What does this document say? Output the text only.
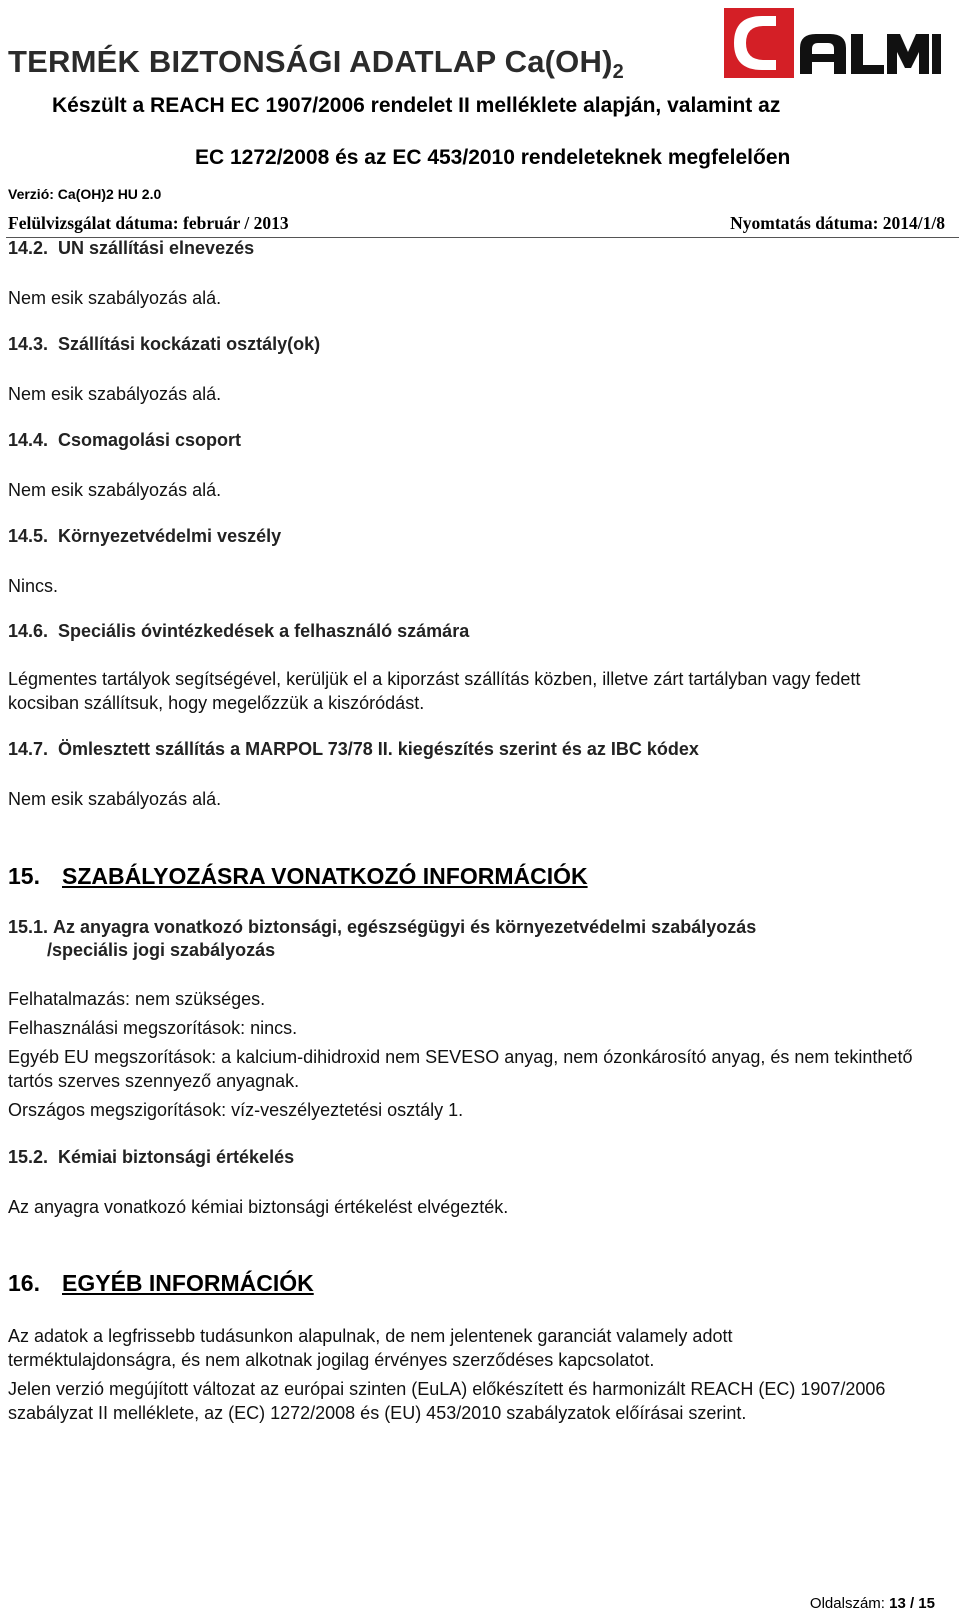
TERMÉK BIZTONSÁGI ADATLAP $Ca(OH)_2$
Készült a REACH EC 1907/2006 rendelet II melléklete alapján, valamint az
EC 1272/2008 és az EC 453/2010 rendeleteknek megfelelően
Verzió: Ca(OH)2 HU 2.0
Felülvizsgálat dátuma: február / 2013	Nyomtatás dátuma: 2014/1/8
14.2. UN szállítási elnevezés
Nem esik szabályozás alá.
14.3. Szállítási kockázati osztály(ok)
Nem esik szabályozás alá.
14.4. Csomagolási csoport
Nem esik szabályozás alá.
14.5. Környezetvédelmi veszély
Nincs.
14.6. Speciális óvintézkedések a felhasználó számára
Légmentes tartályok segítségével, kerüljük el a kiporzást szállítás közben, illetve zárt tartályban vagy fedett kocsiban szállítsuk, hogy megelőzzük a kiszóródást.
14.7. Ömlesztett szállítás a MARPOL 73/78 II. kiegészítés szerint és az IBC kódex
Nem esik szabályozás alá.
15. SZABÁLYOZÁSRA VONATKOZÓ INFORMÁCIÓK
15.1. Az anyagra vonatkozó biztonsági, egészségügyi és környezetvédelmi szabályozás
/speciális jogi szabályozás
Felhatalmazás: nem szükséges.
Felhasználási megszorítások: nincs.
Egyéb EU megszorítások: a kalcium-dihidroxid nem SEVESO anyag, nem ózonkárosító anyag, és nem tekinthető tartós szerves szennyező anyagnak.
Országos megszigorítások: víz-veszélyeztetési osztály 1.
15.2. Kémiai biztonsági értékelés
Az anyagra vonatkozó kémiai biztonsági értékelést elvégezték.
16. EGYÉB INFORMÁCIÓK
Az adatok a legfrissebb tudásunkon alapulnak, de nem jelentenek garanciát valamely adott terméktulajdonságra, és nem alkotnak jogilag érvényes szerződéses kapcsolatot.
Jelen verzió megújított változat az európai szinten (EuLA) előkészített és harmonizált REACH (EC) 1907/2006 szabályzat II melléklete, az (EC) 1272/2008 és (EU) 453/2010 szabályzatok előírásai szerint.
Oldalszám: 13 / 15
